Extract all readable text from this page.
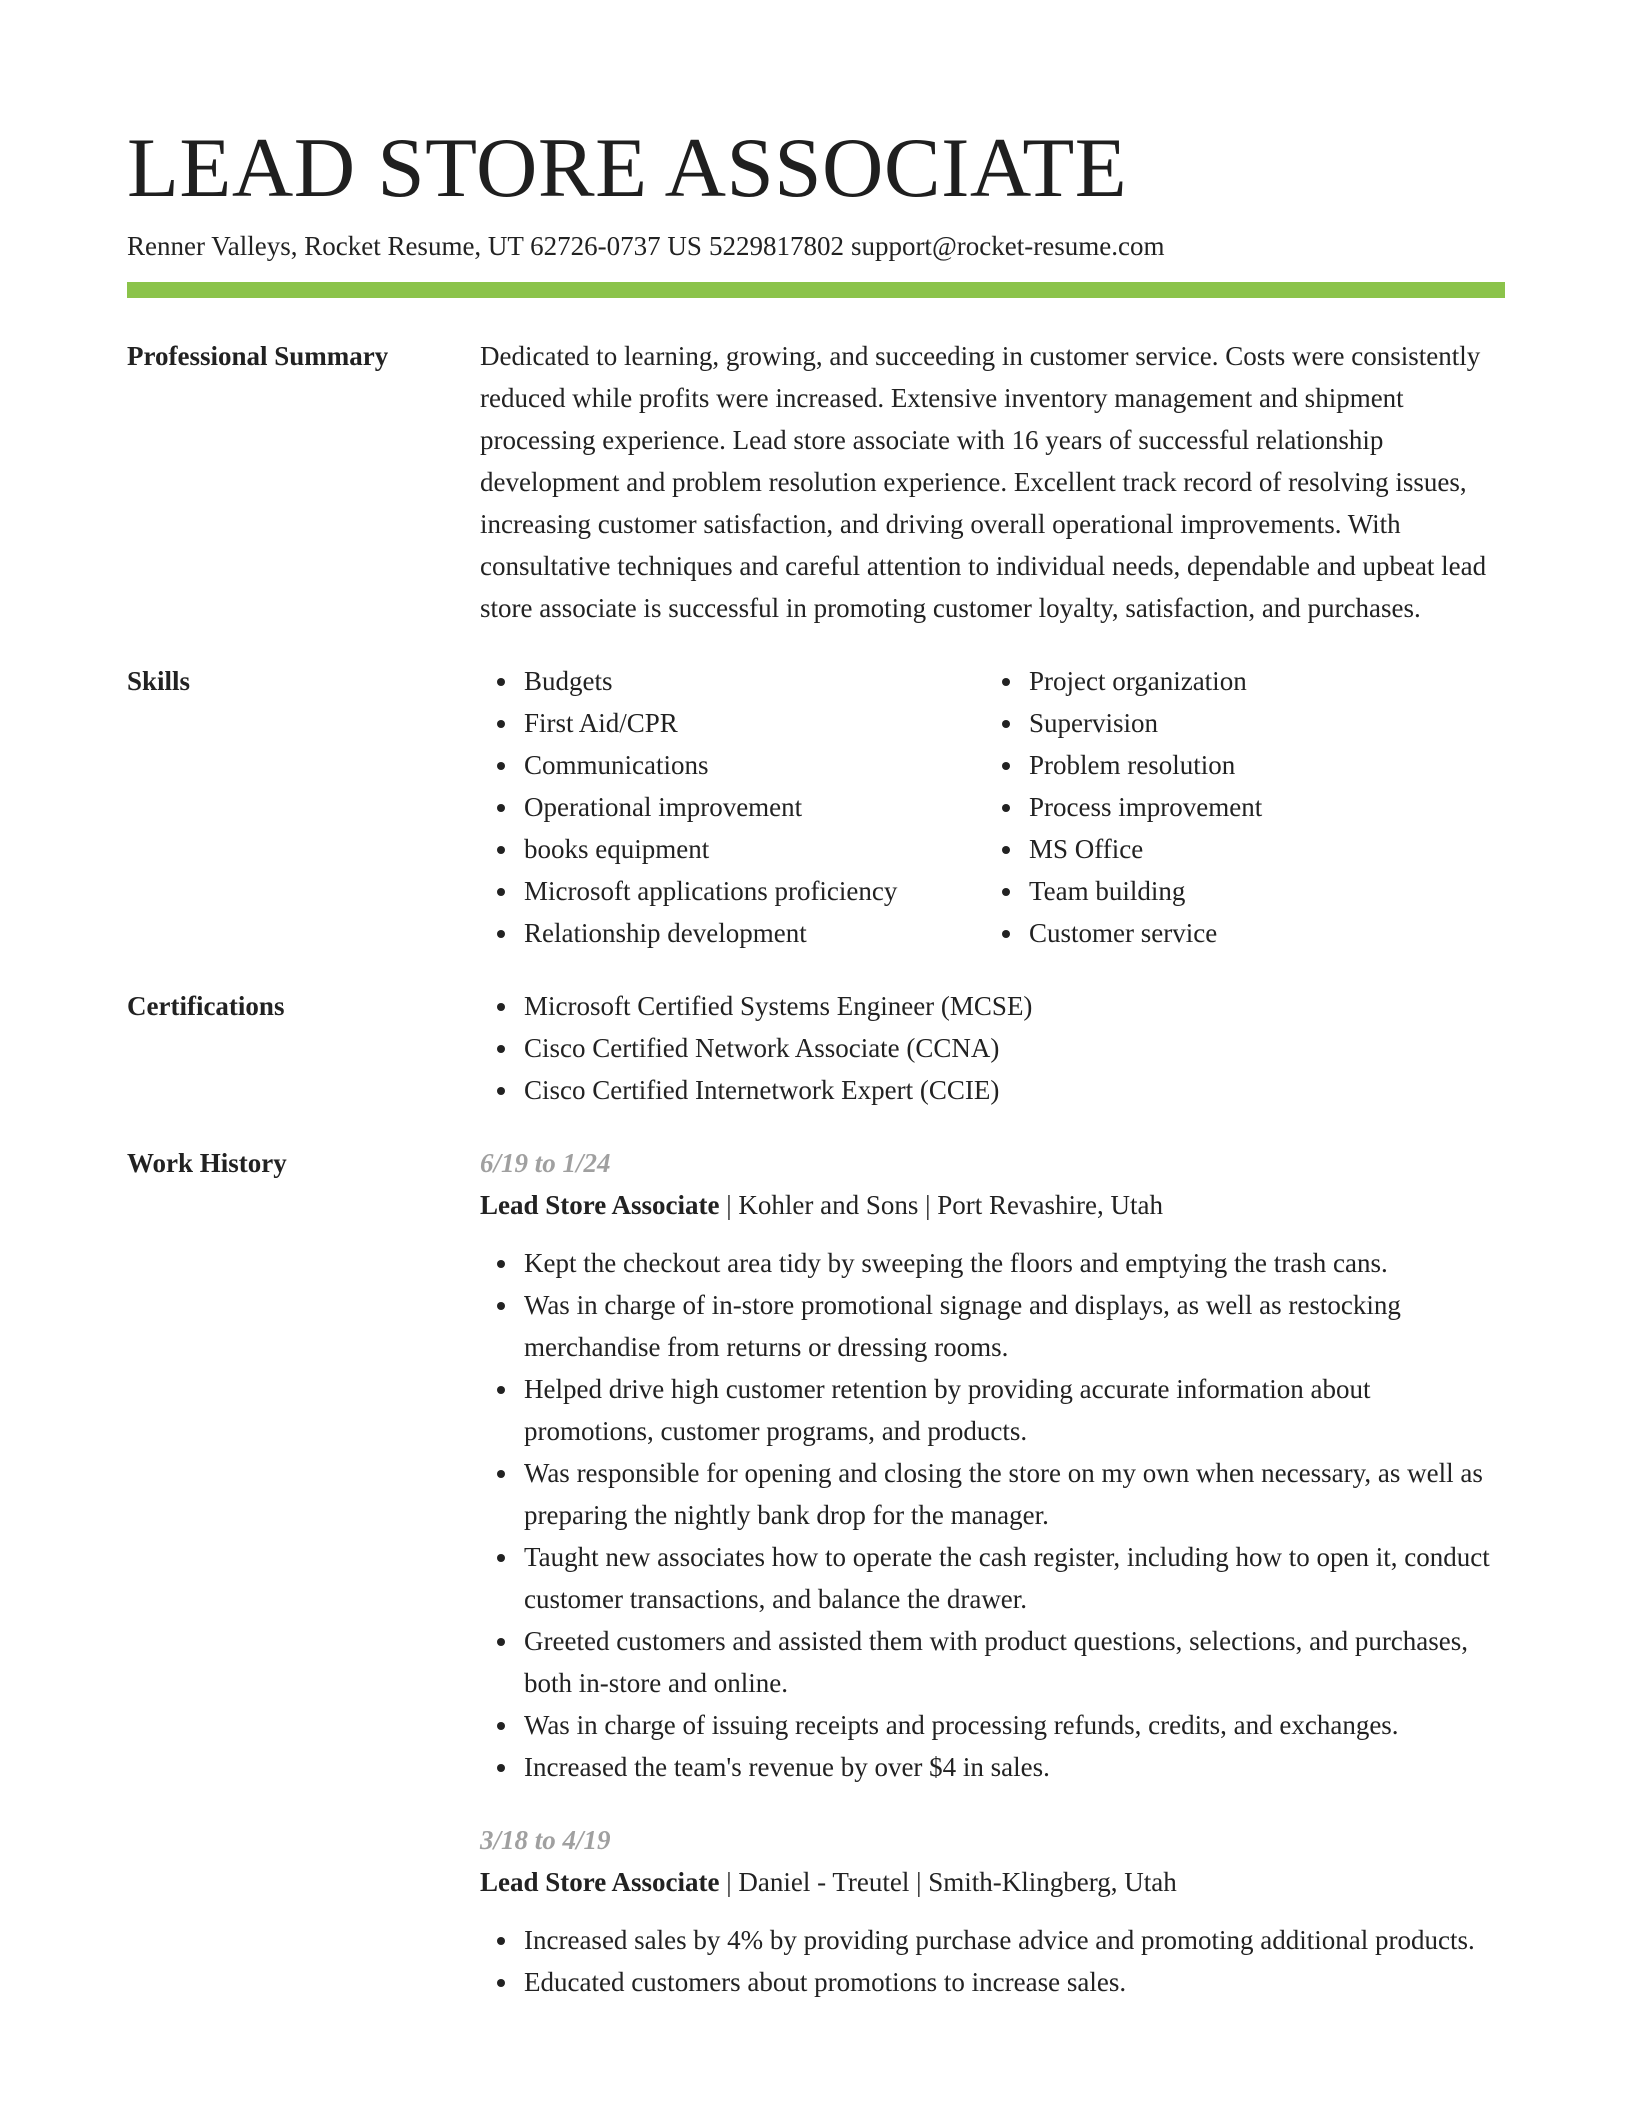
LEAD STORE ASSOCIATE
Renner Valleys, Rocket Resume, UT 62726-0737 US 5229817802 support@rocket-resume.com
Professional Summary	Dedicated to learning, growing, and succeeding in customer service. Costs were consistently reduced while profits were increased. Extensive inventory management and shipment processing experience. Lead store associate with 16 years of successful relationship development and problem resolution experience. Excellent track record of resolving issues, increasing customer satisfaction, and driving overall operational improvements. With consultative techniques and careful attention to individual needs, dependable and upbeat lead store associate is successful in promoting customer loyalty, satisfaction, and purchases.

Skills	Budgets
First Aid/CPR
Communications
Operational improvement
books equipment
Microsoft applications proficiency
Relationship development
Project organization
Supervision
Problem resolution
Process improvement
MS Office
Team building
Customer service
Certifications	Microsoft Certified Systems Engineer (MCSE)
Cisco Certified Network Associate (CCNA)
Cisco Certified Internetwork Expert (CCIE)
Work History	6/19 to 1/24
Lead Store Associate | Kohler and Sons | Port Revashire, Utah
Kept the checkout area tidy by sweeping the floors and emptying the trash cans.
Was in charge of in-store promotional signage and displays, as well as restocking merchandise from returns or dressing rooms.
Helped drive high customer retention by providing accurate information about promotions, customer programs, and products.
Was responsible for opening and closing the store on my own when necessary, as well as preparing the nightly bank drop for the manager.
Taught new associates how to operate the cash register, including how to open it, conduct customer transactions, and balance the drawer.
Greeted customers and assisted them with product questions, selections, and purchases, both in-store and online.
Was in charge of issuing receipts and processing refunds, credits, and exchanges.
Increased the team's revenue by over $4 in sales.
3/18 to 4/19
Lead Store Associate | Daniel - Treutel | Smith-Klingberg, Utah
Increased sales by 4% by providing purchase advice and promoting additional products.
Educated customers about promotions to increase sales.
